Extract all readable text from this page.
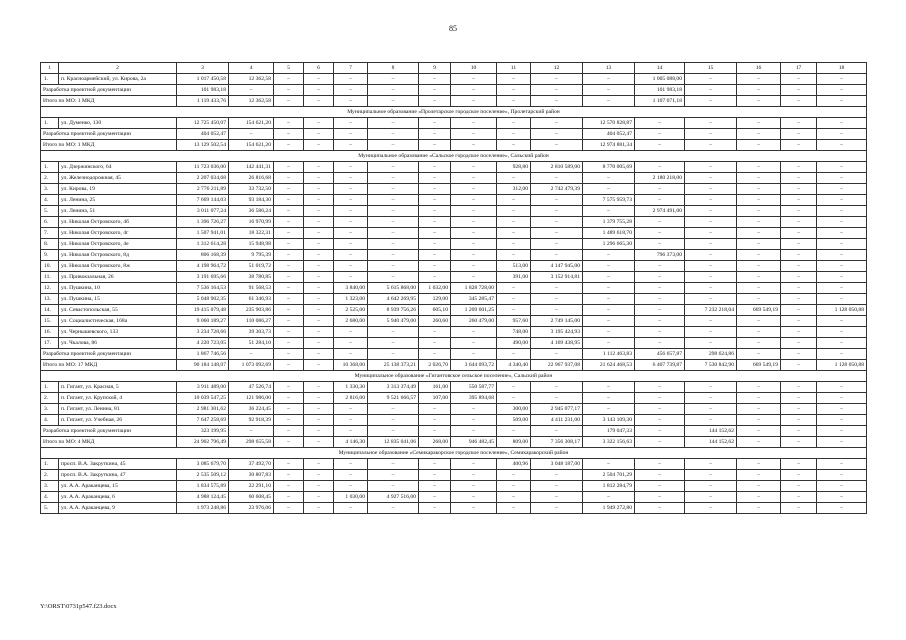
85
1	2	3	4	5	6	7	8	9	10	11	12	13	14	15	16	17	18
1.	п. Красноармейский, ул. Кирова, 2а	1 017 450,58	12 362,58	–	–	–	–	–	–	–	–	–	1 005 088,00	–	–	–	–
Разработка проектной документации		101 983,18	–	–	–	–	–	–	–	–	–	–	101 983,18	–	–	–	–
Итого по МО: 1 МКД		1 119 433,76	12 362,58	–	–	–	–	–	–	–	–	–	1 107 071,18	–	–	–	–
Муниципальное образование «Пролетарское городское поселение», Пролетарский район																	
1.	ул. Думенко, 130	12 725 450,07	154 621,20	–	–	–	–	–	–	–	–	12 570 828,87	–	–	–	–	–
Разработка проектной документации		404 052,47	–	–	–	–	–	–	–	–	–	404 052,47	–	–	–	–	–
Итого по МО: 1 МКД		13 129 502,54	154 621,20	–	–	–	–	–	–	–	–	12 974 881,34	–	–	–	–	–
Муниципальное образование «Сальское городское поселение», Сальский район																	
1.	ул. Дзержинского, 64	11 723 036,00	142 441,31	–	–	–	–	–	–	928,80	2 810 589,00	8 770 005,69	–	–	–	–	–
2.	ул. Железнодорожная, 45	2 207 034,68	26 816,68	–	–	–	–	–	–	–	–	–	2 180 218,00	–	–	–	–
3.	ул. Кирова, 19	2 776 211,89	33 732,50	–	–	–	–	–	–	312,00	2 742 479,39	–	–	–	–	–	–
4.	ул. Ленина, 25	7 669 144,03	93 184,30	–	–	–	–	–	–	–	–	7 575 959,73	–	–	–	–	–
5.	ул. Ленина, 51	3 011 077,24	36 586,24	–	–	–	–	–	–	–	–	–	2 974 491,00	–	–	–	–
6.	ул. Николая Островского, 4б	1 396 726,27	16 970,99	–	–	–	–	–	–	–	–	1 379 755,28	–	–	–	–	–
7.	ул. Николая Островского, 4г	1 507 941,01	18 322,31	–	–	–	–	–	–	–	–	1 489 618,70	–	–	–	–	–
8.	ул. Николая Островского, 4е	1 312 614,28	15 948,98	–	–	–	–	–	–	–	–	1 296 665,30	–	–	–	–	–
9.	ул. Николая Островского, 8д	806 168,39	9 795,39	–	–	–	–	–	–	–	–	–	796 373,00	–	–	–	–
10.	ул. Николая Островского, 8ж	4 198 964,72	51 019,72	–	–	–	–	–	–	513,00	4 147 945,00	–	–	–	–	–	–
11.	ул. Привокзальная, 26	3 191 695,66	38 780,85	–	–	–	–	–	–	391,00	3 152 914,81	–	–	–	–	–	–
12.	ул. Пушкина, 10	7 536 164,53	91 568,53	–	–	3 840,00	5 615 868,00	1 032,00	1 828 728,00	–	–	–	–	–	–	–	–
13.	ул. Пушкина, 15	5 048 902,35	61 346,93	–	–	1 323,00	4 642 269,95	129,00	345 285,47	–	–	–	–	–	–	–	–
14.	ул. Севастопольская, 55	19 415 079,48	235 903,86	–	–	2 525,00	8 939 756,26	605,10	1 209 601,25	–	–	–	–	7 232 218,04	669 549,19	–	1 128 050,88
15.	ул. Социалистическая, 168а	9 060 189,27	110 086,27	–	–	2 680,00	5 940 479,00	260,60	260 479,00	957,60	2 749 145,00	–	–	–	–	–	–
16.	ул. Чернышевского, 133	3 234 728,66	39 303,73	–	–	–	–	–	–	748,00	3 195 424,93	–	–	–	–	–	–
17.	ул. Чкалова, 86	4 220 723,05	51 284,10	–	–	–	–	–	–	490,00	4 169 438,95	–	–	–	–	–	–
Разработка проектной документации		1 867 746,56	–	–	–	–	–	–	–	–	–	1 112 463,83	456 657,87	298 624,86	–	–	–
Итого по МО: 17 МКД		90 184 148,07	1 073 092,69	–	–	10 368,00	25 138 373,21	2 026,70	3 644 093,72	4 340,40	22 967 937,08	21 624 468,53	6 407 739,87	7 530 842,90	669 549,19	–	1 128 050,88
Муниципальное образование «Гигантовское сельское поселение», Сальский район																	
1.	п. Гигант, ул. Красная, 5	3 911 489,00	47 526,74	–	–	1 330,30	3 313 374,49	161,00	550 587,77	–	–	–	–	–	–	–	–
2.	п. Гигант, ул. Крупской, 4	10 039 547,25	121 986,00	–	–	2 816,00	9 521 666,57	107,00	395 894,68	–	–	–	–	–	–	–	–
3.	п. Гигант, ул. Ленина, 81	2 981 301,62	36 224,45	–	–	–	–	–	–	300,00	2 945 077,17	–	–	–	–	–	–
4.	п. Гигант, ул. Учебная, 26	7 647 258,69	92 918,39	–	–	–	–	–	–	509,00	4 411 231,00	3 143 109,30	–	–	–	–	–
Разработка проектной документации		323 199,95	–	–	–	–	–	–	–	–	–	179 047,33	–	144 152,62	–	–	–
Итого по МО: 4 МКД		24 902 796,49	298 655,58	–	–	4 146,30	12 835 041,06	268,00	946 482,45	809,00	7 356 308,17	3 322 156,63	–	144 152,62	–	–	–
Муниципальное образование «Семикаракорское городское поселение», Семикаракорский район																	
1.	просп. В.А. Закруткина, 45	3 085 679,70	37 492,70	–	–	–	–	–	–	400,96	3 048 187,00	–	–	–	–	–	–
2.	просп. В.А. Закруткина, 47	2 535 509,12	30 807,83	–	–	–	–	–	–	–	–	2 504 701,29	–	–	–	–	–
3.	ул. А.А. Араканцева, 15	1 834 575,89	22 291,10	–	–	–	–	–	–	–	–	1 812 284,79	–	–	–	–	–
4.	ул. А.А. Араканцева, 6	4 988 124,45	60 608,45	–	–	1 030,00	4 927 516,00	–	–	–	–	–	–	–	–	–	–
5.	ул. А.А. Араканцева, 9	1 973 248,86	23 976,06	–	–	–	–	–	–	–	–	1 949 272,80	–	–	–	–	–
Y:\ORST\0731p547.f23.docx
